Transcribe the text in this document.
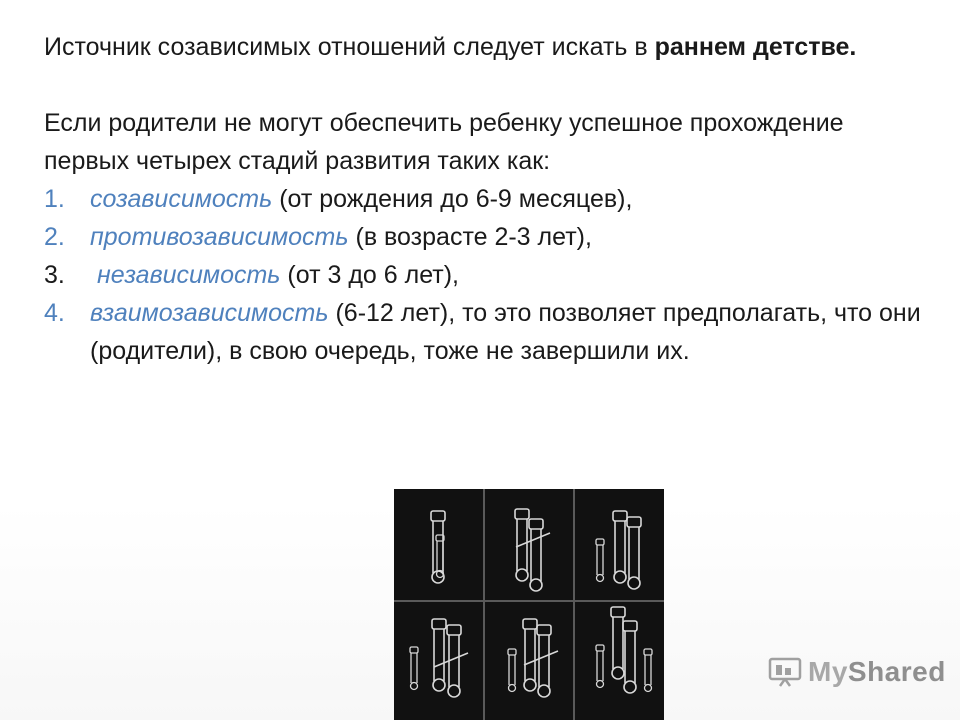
Источник созависимых отношений следует искать в раннем детстве.

Если родители не могут обеспечить ребенку успешное прохождение первых четырех стадий развития таких как:

1.	созависимость (от рождения до 6-9 месяцев),
2.	противозависимость (в возрасте 2-3 лет),
3.	независимость (от 3 до 6 лет),
4.	взаимозависимость (6-12 лет), то это позволяет предполагать, что они (родители), в свою очередь, тоже не завершили их.
MyShared
